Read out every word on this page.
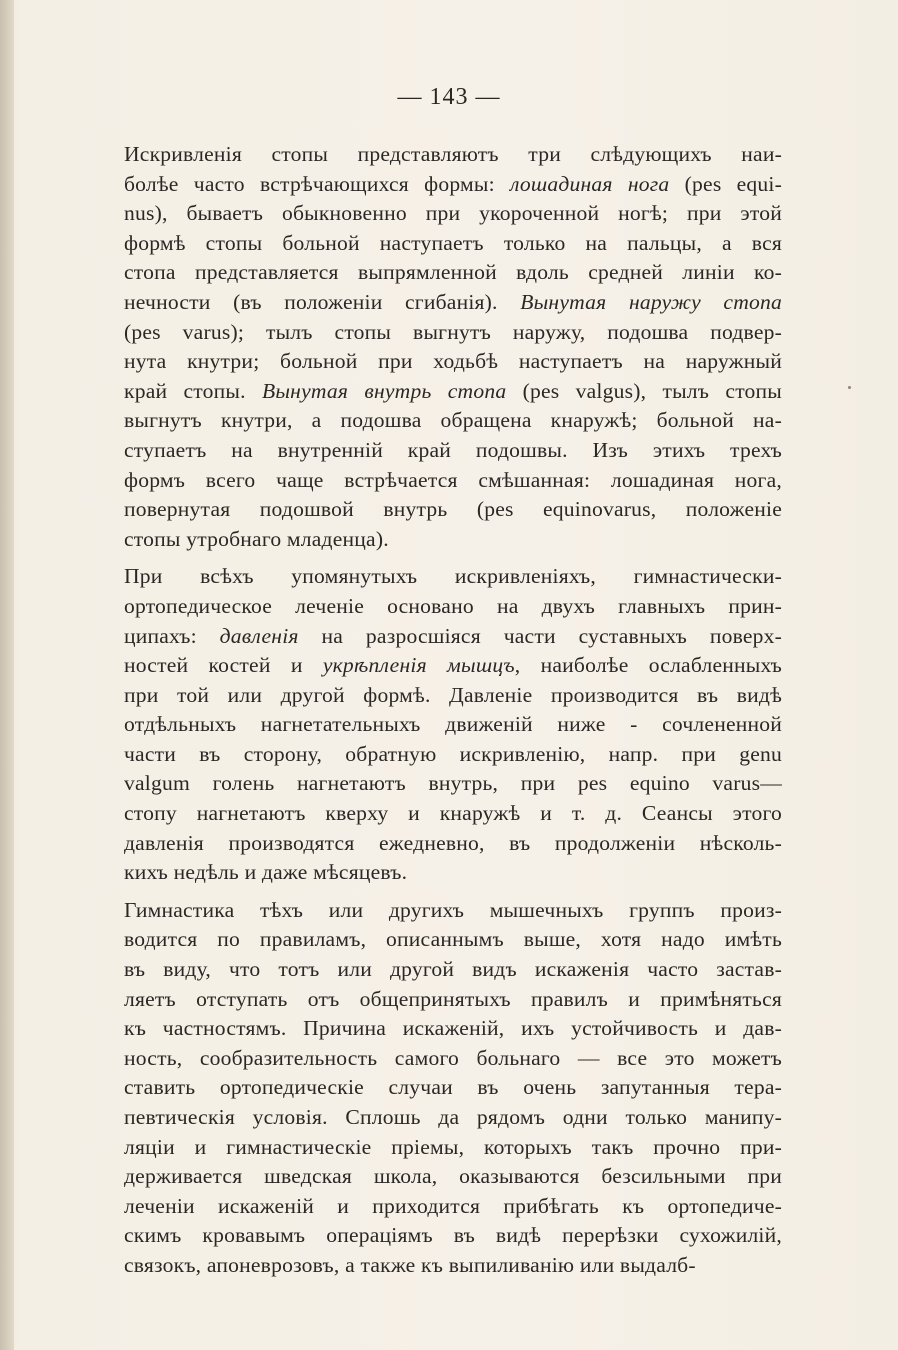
— 143 —
Искривленія стопы представляютъ три слѣдующихъ наи-
болѣе часто встрѣчающихся формы: лошадиная нога (pes equi-
nus), бываетъ обыкновенно при укороченной ногѣ; при этой
формѣ стопы больной наступаетъ только на пальцы, а вся
стопа представляется выпрямленной вдоль средней линіи ко-
нечности (въ положеніи сгибанія). Вынутая наружу стопа
(pes varus); тылъ стопы выгнутъ наружу, подошва подвер-
нута кнутри; больной при ходьбѣ наступаетъ на наружный
край стопы. Вынутая внутрь стопа (pes valgus), тылъ стопы
выгнутъ кнутри, а подошва обращена кнаружѣ; больной на-
ступаетъ на внутренній край подошвы. Изъ этихъ трехъ
формъ всего чаще встрѣчается смѣшанная: лошадиная нога,
повернутая подошвой внутрь (pes equinovarus, положеніе
стопы утробнаго младенца).
При всѣхъ упомянутыхъ искривленіяхъ, гимнастически-
ортопедическое леченіе основано на двухъ главныхъ прин-
ципахъ: давленія на разросшіяся части суставныхъ поверх-
ностей костей и укрѣпленія мышцъ, наиболѣе ослабленныхъ
при той или другой формѣ. Давленіе производится въ видѣ
отдѣльныхъ нагнетательныхъ движеній ниже - сочлененной
части въ сторону, обратную искривленію, напр. при genu
valgum голень нагнетаютъ внутрь, при pes equino varus—
стопу нагнетаютъ кверху и кнаружѣ и т. д. Сеансы этого
давленія производятся ежедневно, въ продолженіи нѣсколь-
кихъ недѣль и даже мѣсяцевъ.
Гимнастика тѣхъ или другихъ мышечныхъ группъ произ-
водится по правиламъ, описаннымъ выше, хотя надо имѣть
въ виду, что тотъ или другой видъ искаженія часто застав-
ляетъ отступать отъ общепринятыхъ правилъ и примѣняться
къ частностямъ. Причина искаженій, ихъ устойчивость и дав-
ность, сообразительность самого больнаго — все это можетъ
ставить ортопедическіе случаи въ очень запутанныя тера-
певтическія условія. Сплошь да рядомъ одни только манипу-
ляціи и гимнастическіе пріемы, которыхъ такъ прочно при-
держивается шведская школа, оказываются безсильными при
леченіи искаженій и приходится прибѣгать къ ортопедиче-
скимъ кровавымъ операціямъ въ видѣ перерѣзки сухожилій,
связокъ, апоневрозовъ, а также къ выпиливанію или выдалб-
